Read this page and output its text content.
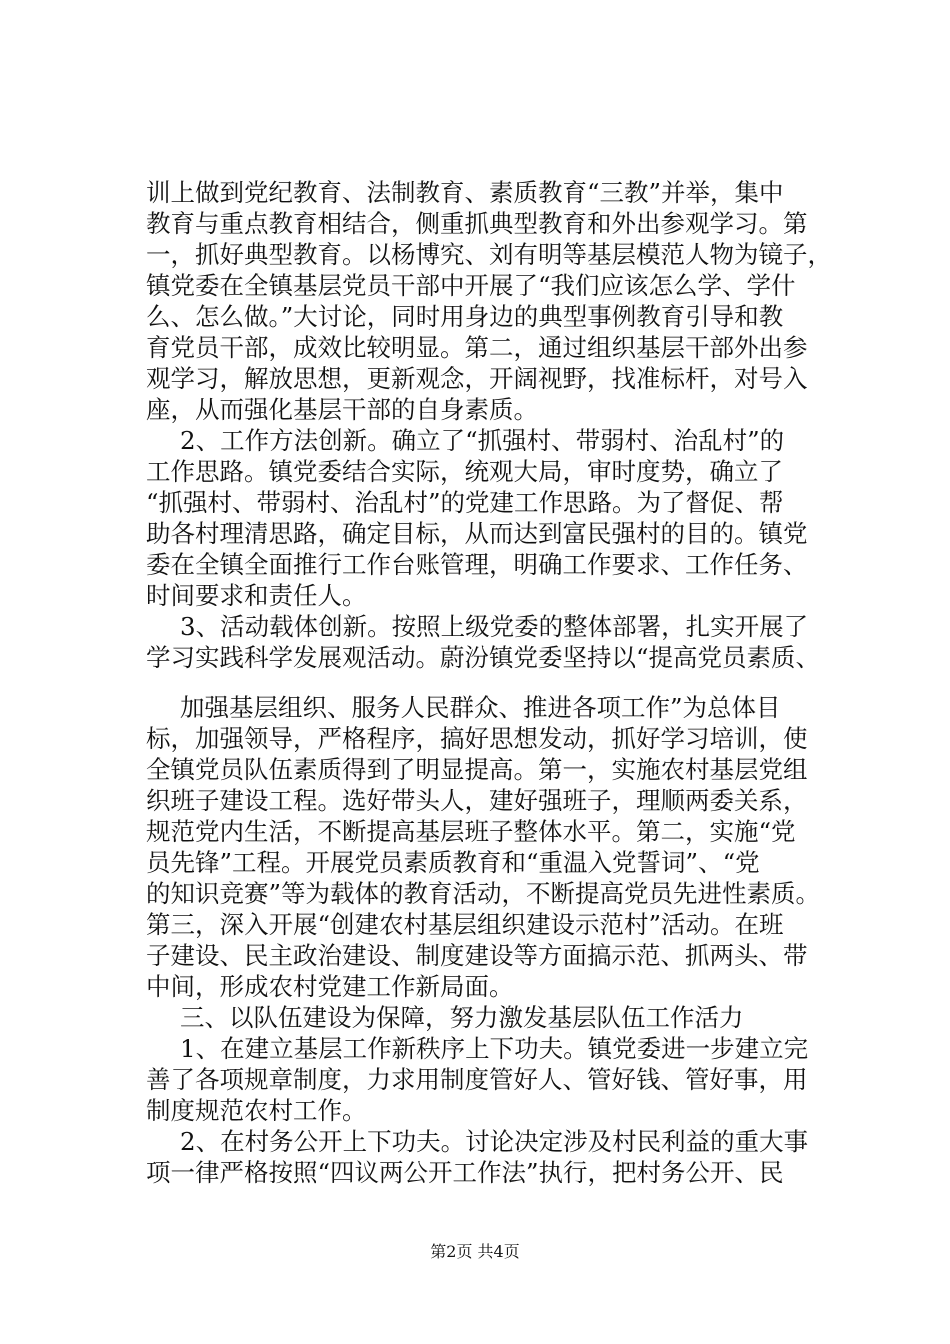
训上做到党纪教育、法制教育、素质教育“三教”并举，集中
教育与重点教育相结合，侧重抓典型教育和外出参观学习。第
一，抓好典型教育。以杨博究、刘有明等基层模范人物为镜子，
镇党委在全镇基层党员干部中开展了“我们应该怎么学、学什
么、怎么做。”大讨论，同时用身边的典型事例教育引导和教
育党员干部，成效比较明显。第二，通过组织基层干部外出参
观学习，解放思想，更新观念，开阔视野，找准标杆，对号入
座，从而强化基层干部的自身素质。
2、工作方法创新。确立了“抓强村、带弱村、治乱村”的
工作思路。镇党委结合实际，统观大局，审时度势，确立了
“抓强村、带弱村、治乱村”的党建工作思路。为了督促、帮
助各村理清思路，确定目标，从而达到富民强村的目的。镇党
委在全镇全面推行工作台账管理，明确工作要求、工作任务、
时间要求和责任人。
3、活动载体创新。按照上级党委的整体部署，扎实开展了
学习实践科学发展观活动。蔚汾镇党委坚持以“提高党员素质、
加强基层组织、服务人民群众、推进各项工作”为总体目
标，加强领导，严格程序，搞好思想发动，抓好学习培训，使
全镇党员队伍素质得到了明显提高。第一，实施农村基层党组
织班子建设工程。选好带头人，建好强班子，理顺两委关系，
规范党内生活，不断提高基层班子整体水平。第二，实施“党
员先锋”工程。开展党员素质教育和“重温入党誓词”、“党
的知识竞赛”等为载体的教育活动，不断提高党员先进性素质。
第三，深入开展“创建农村基层组织建设示范村”活动。在班
子建设、民主政治建设、制度建设等方面搞示范、抓两头、带
中间，形成农村党建工作新局面。
三、以队伍建设为保障，努力激发基层队伍工作活力
1、在建立基层工作新秩序上下功夫。镇党委进一步建立完
善了各项规章制度，力求用制度管好人、管好钱、管好事，用
制度规范农村工作。
2、在村务公开上下功夫。讨论决定涉及村民利益的重大事
项一律严格按照“四议两公开工作法”执行，把村务公开、民
第2页 共4页
